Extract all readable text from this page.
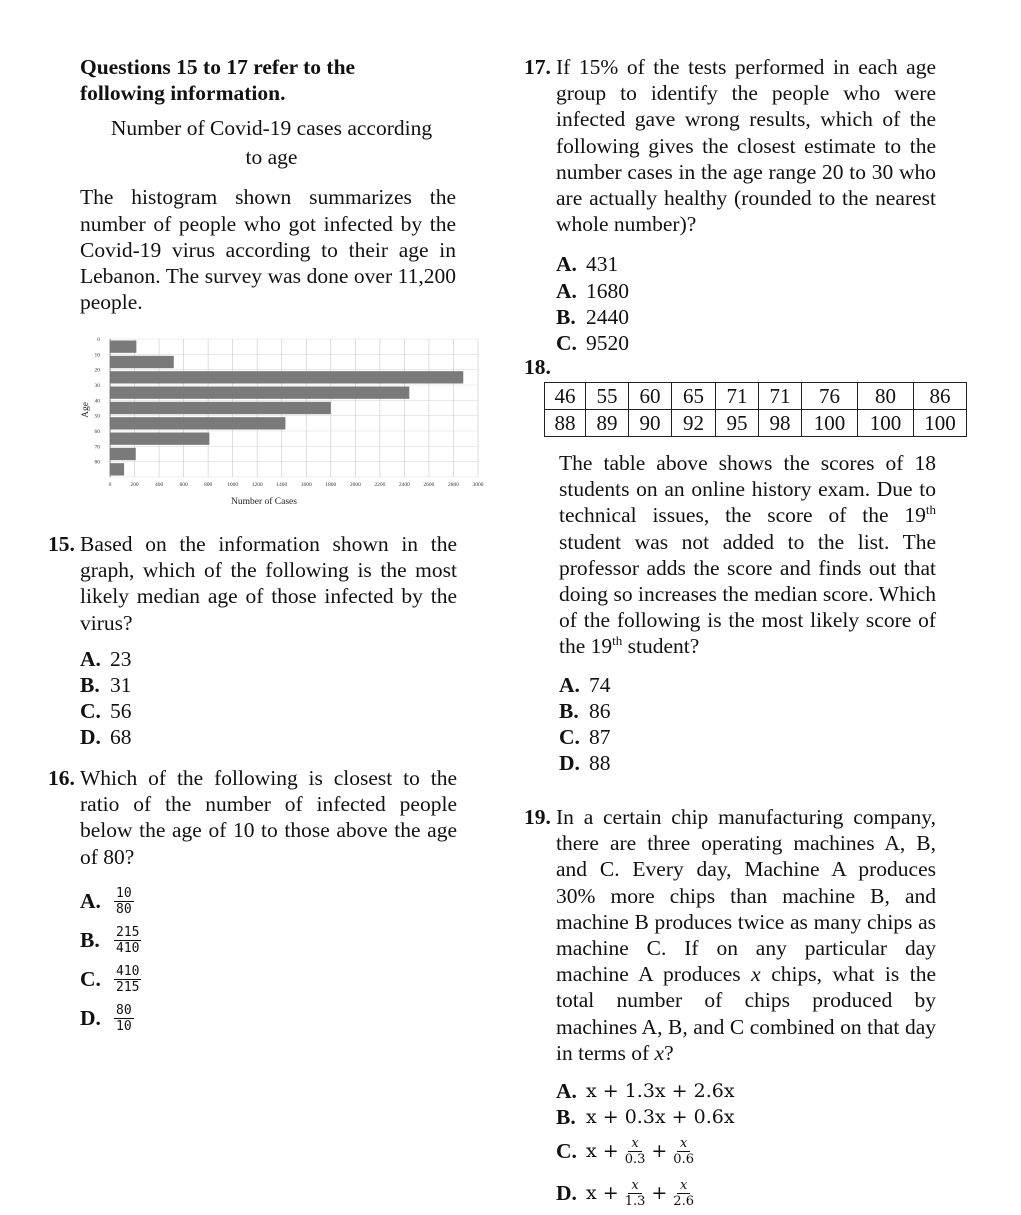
Questions 15 to 17 refer to the following information.
Number of Covid-19 cases according
to age
The histogram shown summarizes the number of people who got infected by the Covid-19 virus according to their age in Lebanon. The survey was done over 11,200 people.
0
10
20
30
40
50
60
70
80
0	200	400	600	800	1000 1200 1400 1600 1800 2000 2200 2400 2600 2800 3000
Number of Cases
Age
15. Based on the information shown in the graph, which of the following is the most likely median age of those infected by the virus?
A. 23
B. 31
C. 56
D. 68
16. Which of the following is closest to the ratio of the number of infected people below the age of 10 to those above the age of 80?
A.	$\frac{10}{80}$
B.	$\frac{215}{410}$
C.	$\frac{410}{215}$
D.	$\frac{80}{10}$
17. If 15% of the tests performed in each age group to identify the people who were infected gave wrong results, which of the following gives the closest estimate to the number cases in the age range 20 to 30 who are actually healthy (rounded to the nearest whole number)?
A. 431
A. 1680
B. 2440
C. 9520
18.
46	55	60	65	71	71	76	80	86
88	89	90	92	95	98	100	100	100
The table above shows the scores of 18 students on an online history exam. Due to technical issues, the score of the 19th student was not added to the list. The professor adds the score and finds out that doing so increases the median score. Which of the following is the most likely score of the 19th student?
A. 74
B. 86
C. 87
D. 88
19. In a certain chip manufacturing company, there are three operating machines A, B, and C. Every day, Machine A produces 30% more chips than machine B, and machine B produces twice as many chips as machine C. If on any particular day machine A produces x chips, what is the total number of chips produced by machines A, B, and C combined on that day in terms of x?
A. x + 1.3x + 2.6x
B. x + 0.3x + 0.6x
C. $x + \frac{x}{0.3} + \frac{x}{0.6}$
D. $x + \frac{x}{1.3} + \frac{x}{2.6}$
